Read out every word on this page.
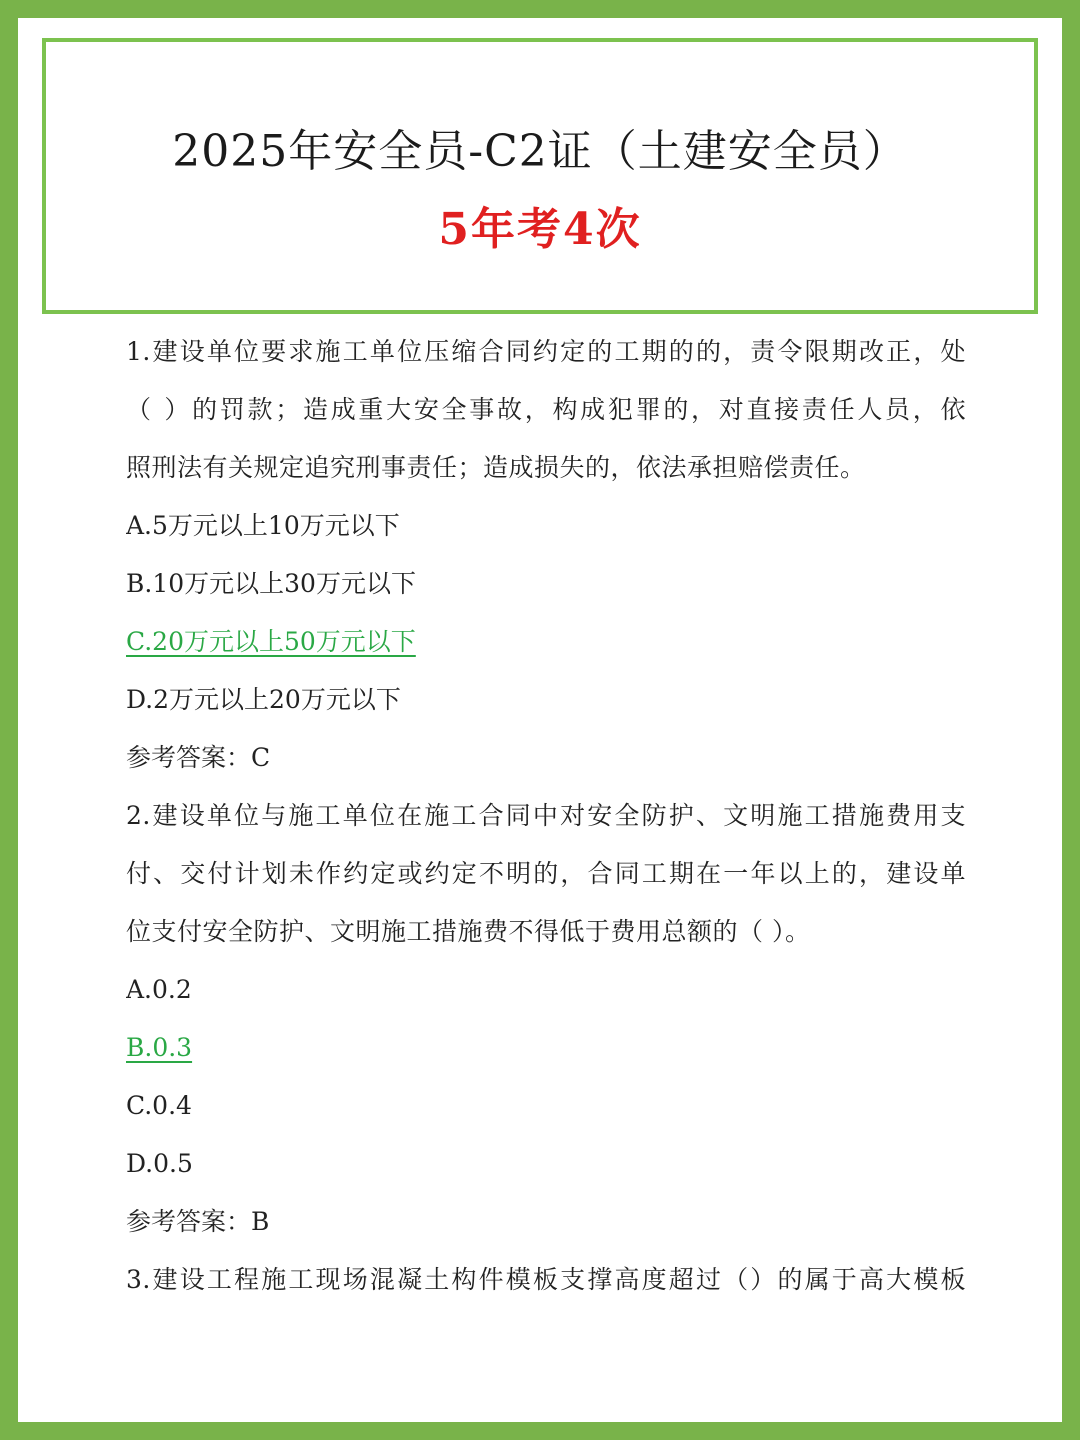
2025年安全员-C2证（土建安全员）
5年考4次
1.建设单位要求施工单位压缩合同约定的工期的的，责令限期改正，处
（ ）的罚款；造成重大安全事故，构成犯罪的，对直接责任人员，依
照刑法有关规定追究刑事责任；造成损失的，依法承担赔偿责任。
A.5万元以上10万元以下
B.10万元以上30万元以下
C.20万元以上50万元以下
D.2万元以上20万元以下
参考答案：C
2.建设单位与施工单位在施工合同中对安全防护、文明施工措施费用支
付、交付计划未作约定或约定不明的，合同工期在一年以上的，建设单
位支付安全防护、文明施工措施费不得低于费用总额的（ ）。
A.0.2
B.0.3
C.0.4
D.0.5
参考答案：B
3.建设工程施工现场混凝土构件模板支撑高度超过（）的属于高大模板
